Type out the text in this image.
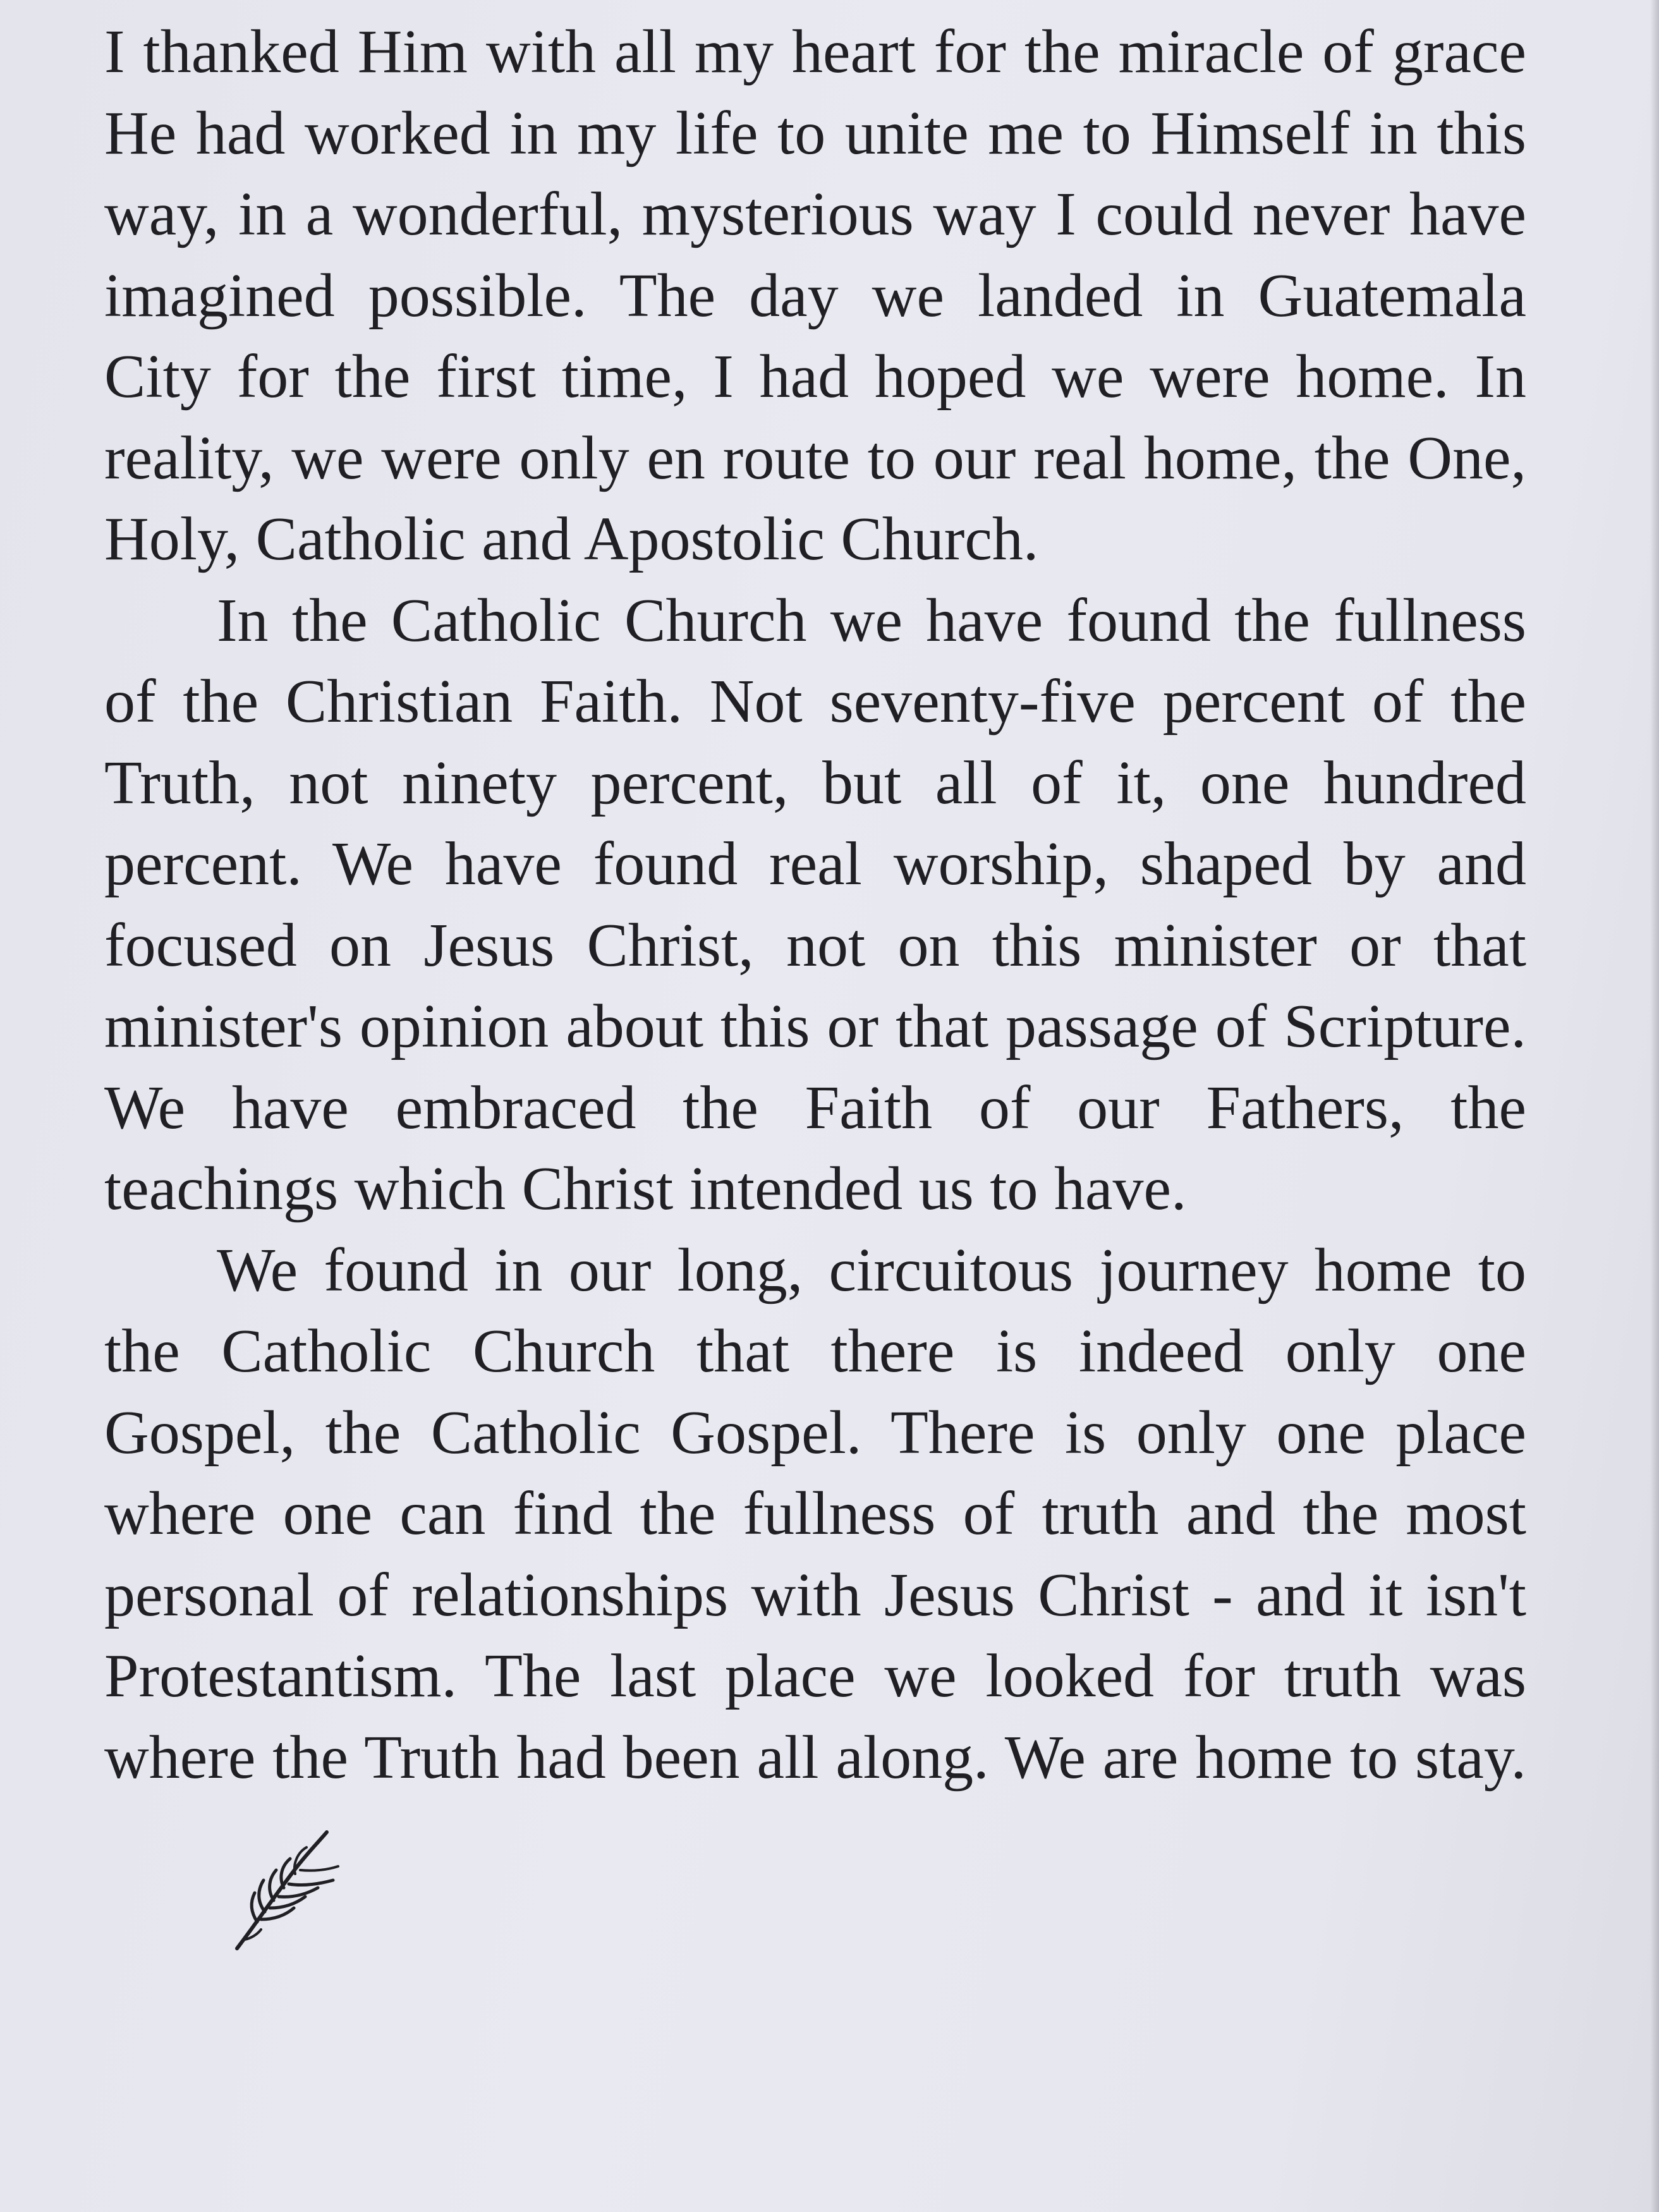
I thanked Him with all my heart for the miracle of grace He had worked in my life to unite me to Himself in this way, in a wonderful, mysterious way I could never have imagined possible. The day we landed in Guatemala City for the first time, I had hoped we were home. In reality, we were only en route to our real home, the One, Holy, Catholic and Apostolic Church.

In the Catholic Church we have found the fullness of the Christian Faith. Not seventy-five percent of the Truth, not ninety percent, but all of it, one hundred percent. We have found real worship, shaped by and focused on Jesus Christ, not on this minister or that minister's opinion about this or that passage of Scripture. We have embraced the Faith of our Fathers, the teachings which Christ intended us to have.

We found in our long, circuitous journey home to the Catholic Church that there is indeed only one Gospel, the Catholic Gospel. There is only one place where one can find the fullness of truth and the most personal of relationships with Jesus Christ - and it isn't Protestantism. The last place we looked for truth was where the Truth had been all along. We are home to stay.
